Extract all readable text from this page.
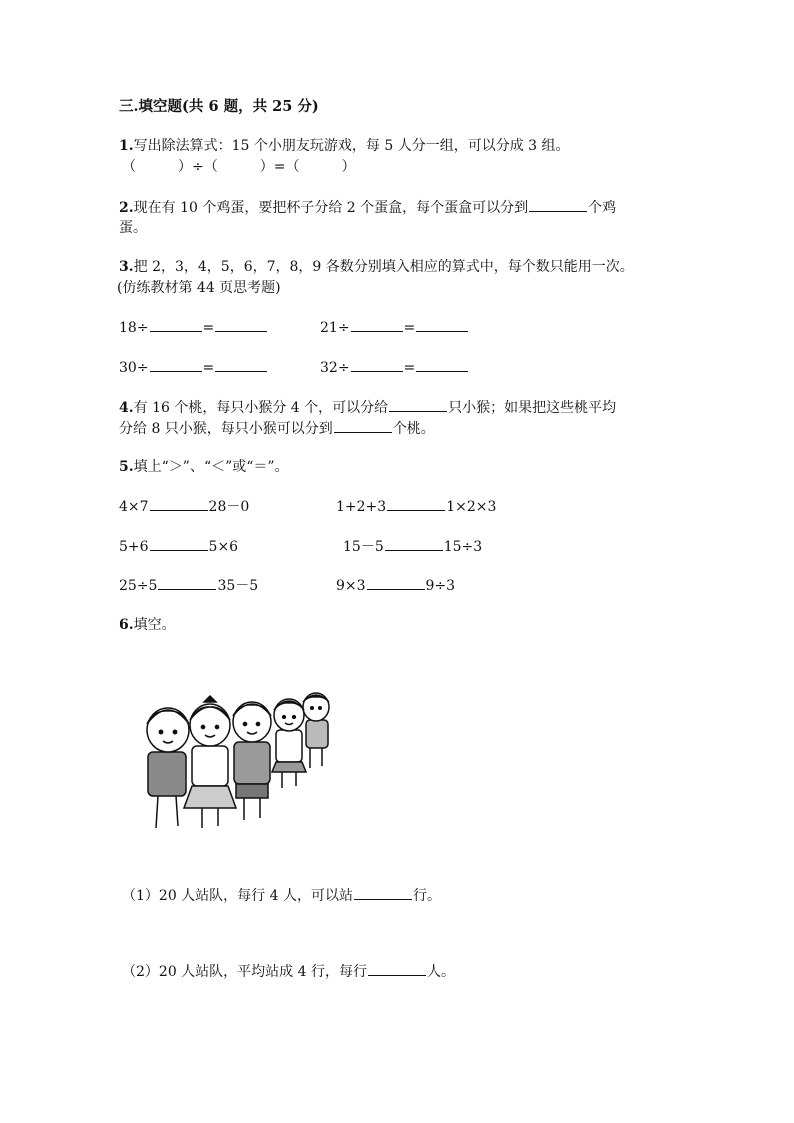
三.填空题(共 6 题，共 25 分)
1.写出除法算式：15 个小朋友玩游戏，每 5 人分一组，可以分成 3 组。
（　　　）÷（　　　）=（　　　）
2.现在有 10 个鸡蛋，要把杯子分给 2 个蛋盒，每个蛋盒可以分到	个鸡
蛋。
3.把 2，3，4，5，6，7，8，9 各数分别填入相应的算式中，每个数只能用一次。
(仿练教材第 44 页思考题)
18÷	=	21÷	=
30÷	=	32÷	=
4.有 16 个桃，每只小猴分 4 个，可以分给	只小猴；如果把这些桃平均
分给 8 只小猴，每只小猴可以分到	个桃。
5.填上“＞”、“＜”或“＝”。
4×7	28－0	1+2+3	1×2×3
5+6	5×6	15－5	15÷3
25÷5	35－5	9×3	9÷3
6.填空。
（1）20 人站队，每行 4 人，可以站	行。
（2）20 人站队，平均站成 4 行，每行	人。
